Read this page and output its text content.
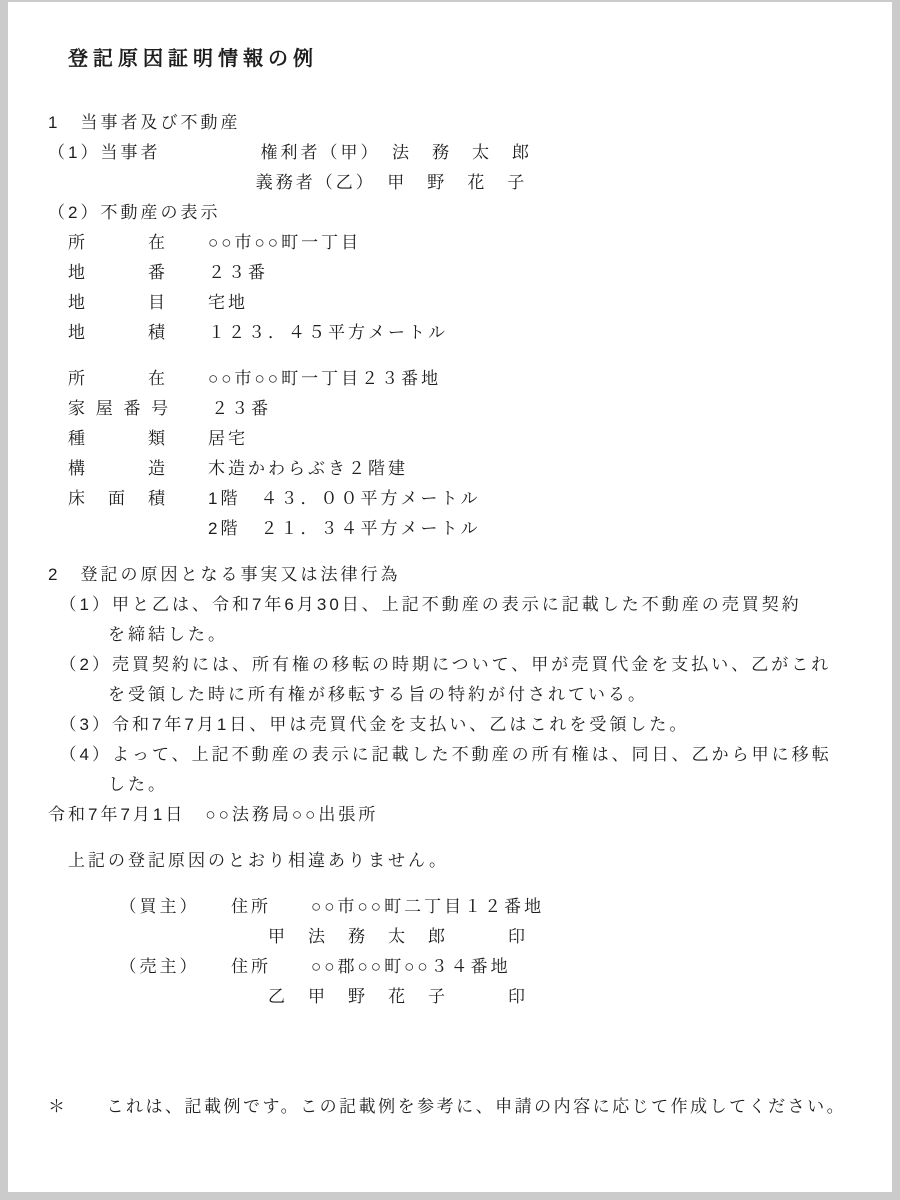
登記原因証明情報の例
1　当事者及び不動産
（1）当事者　　　　　権利者（甲）　法　務　太　郎
　　　　　　　　　　 義務者（乙）　甲　野　花　子
（2）不動産の表示
　所　　　在　　○○市○○町一丁目
　地　　　番　　２３番
　地　　　目　　宅地
　地　　　積　　１２３．４５平方メートル
　所　　　在　　○○市○○町一丁目２３番地
　家 屋 番 号　　２３番
　種　　　類　　居宅
　構　　　造　　木造かわらぶき２階建
　床　面　積　　1階　４３．００平方メートル
　　　　　　　　2階　２１．３４平方メートル
2　登記の原因となる事実又は法律行為
　（1）甲と乙は、令和7年6月30日、上記不動産の表示に記載した不動産の売買契約
　　　を締結した。
　（2）売買契約には、所有権の移転の時期について、甲が売買代金を支払い、乙がこれ
　　　を受領した時に所有権が移転する旨の特約が付されている。
　（3）令和7年7月1日、甲は売買代金を支払い、乙はこれを受領した。
　（4）よって、上記不動産の表示に記載した不動産の所有権は、同日、乙から甲に移転
　　　した。
令和7年7月1日　○○法務局○○出張所
　上記の登記原因のとおり相違ありません。
　　　　（買主）　　住所　　○○市○○町二丁目１２番地
　　　　　　　　　　　甲　法　務　太　郎　　　印
　　　　（売主）　　住所　　○○郡○○町○○３４番地
　　　　　　　　　　　乙　甲　野　花　子　　　印
＊　　これは、記載例です。この記載例を参考に、申請の内容に応じて作成してください。
